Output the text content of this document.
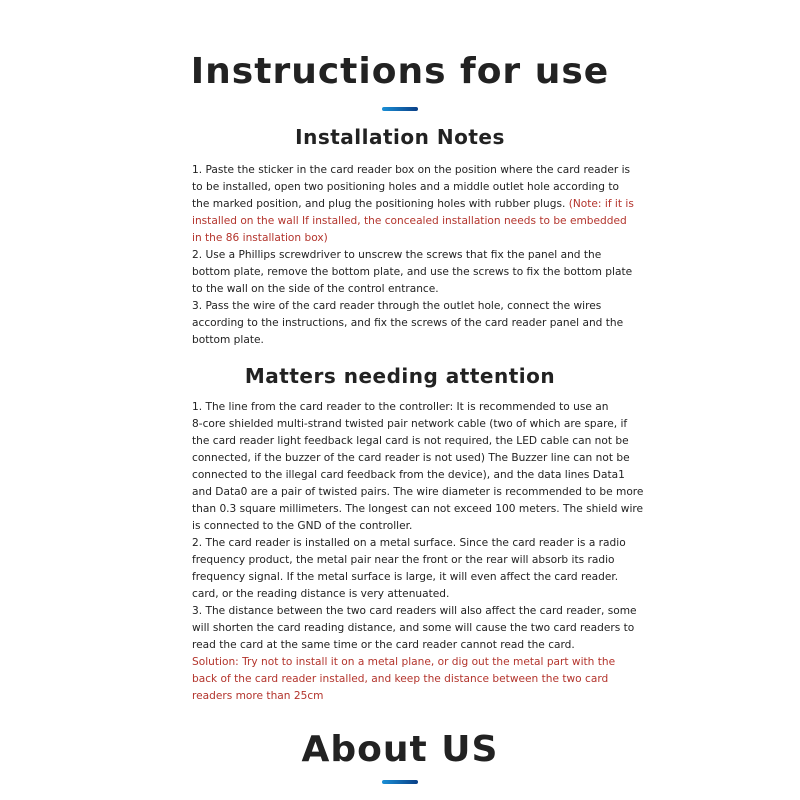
Instructions for use
Installation Notes
1. Paste the sticker in the card reader box on the position where the card reader is
to be installed, open two positioning holes and a middle outlet hole according to
the marked position, and plug the positioning holes with rubber plugs. (Note: if it is
installed on the wall If installed, the concealed installation needs to be embedded
in the 86 installation box)
2. Use a Phillips screwdriver to unscrew the screws that fix the panel and the
bottom plate, remove the bottom plate, and use the screws to fix the bottom plate
to the wall on the side of the control entrance.
3. Pass the wire of the card reader through the outlet hole, connect the wires
according to the instructions, and fix the screws of the card reader panel and the
bottom plate.
Matters needing attention
1. The line from the card reader to the controller: It is recommended to use an
8-core shielded multi-strand twisted pair network cable (two of which are spare, if
the card reader light feedback legal card is not required, the LED cable can not be
connected, if the buzzer of the card reader is not used) The Buzzer line can not be
connected to the illegal card feedback from the device), and the data lines Data1
and Data0 are a pair of twisted pairs. The wire diameter is recommended to be more
than 0.3 square millimeters. The longest can not exceed 100 meters. The shield wire
is connected to the GND of the controller.
2. The card reader is installed on a metal surface. Since the card reader is a radio
frequency product, the metal pair near the front or the rear will absorb its radio
frequency signal. If the metal surface is large, it will even affect the card reader.
card, or the reading distance is very attenuated.
3. The distance between the two card readers will also affect the card reader, some
will shorten the card reading distance, and some will cause the two card readers to
read the card at the same time or the card reader cannot read the card.
Solution: Try not to install it on a metal plane, or dig out the metal part with the
back of the card reader installed, and keep the distance between the two card
readers more than 25cm
About US
